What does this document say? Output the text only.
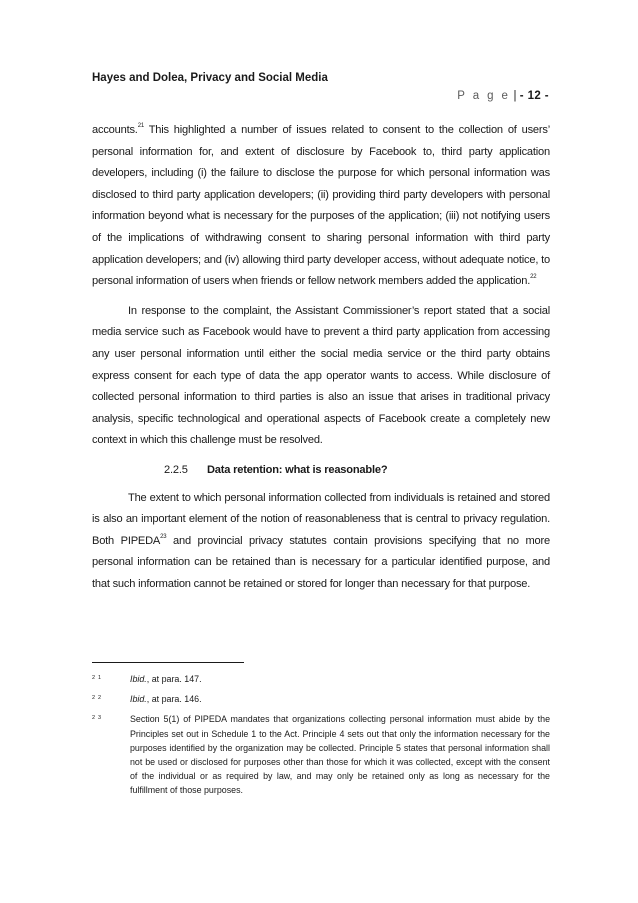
Hayes and Dolea, Privacy and Social Media
P a g e | - 12 -

accounts.$^{21}$ This highlighted a number of issues related to consent to the collection of users’ personal information for, and extent of disclosure by Facebook to, third party application developers, including (i) the failure to disclose the purpose for which personal information was disclosed to third party application developers; (ii) providing third party developers with personal information beyond what is necessary for the purposes of the application; (iii) not notifying users of the implications of withdrawing consent to sharing personal information with third party application developers; and (iv) allowing third party developer access, without adequate notice, to personal information of users when friends or fellow network members added the application.$^{22}$

In response to the complaint, the Assistant Commissioner’s report stated that a social media service such as Facebook would have to prevent a third party application from accessing any user personal information until either the social media service or the third party obtains express consent for each type of data the app operator wants to access. While disclosure of collected personal information to third parties is also an issue that arises in traditional privacy analysis, specific technological and operational aspects of Facebook create a completely new context in which this challenge must be resolved.

2.2.5 Data retention: what is reasonable?

The extent to which personal information collected from individuals is retained and stored is also an important element of the notion of reasonableness that is central to privacy regulation. Both PIPEDA$^{23}$ and provincial privacy statutes contain provisions specifying that no more personal information can be retained than is necessary for a particular identified purpose, and that such information cannot be retained or stored for longer than necessary for that purpose.

21	Ibid., at para. 147.
22	Ibid., at para. 146.
23	Section 5(1) of PIPEDA mandates that organizations collecting personal information must abide by the Principles set out in Schedule 1 to the Act. Principle 4 sets out that only the information necessary for the purposes identified by the organization may be collected. Principle 5 states that personal information shall not be used or disclosed for purposes other than those for which it was collected, except with the consent of the individual or as required by law, and may only be retained only as long as necessary for the fulfillment of those purposes.
